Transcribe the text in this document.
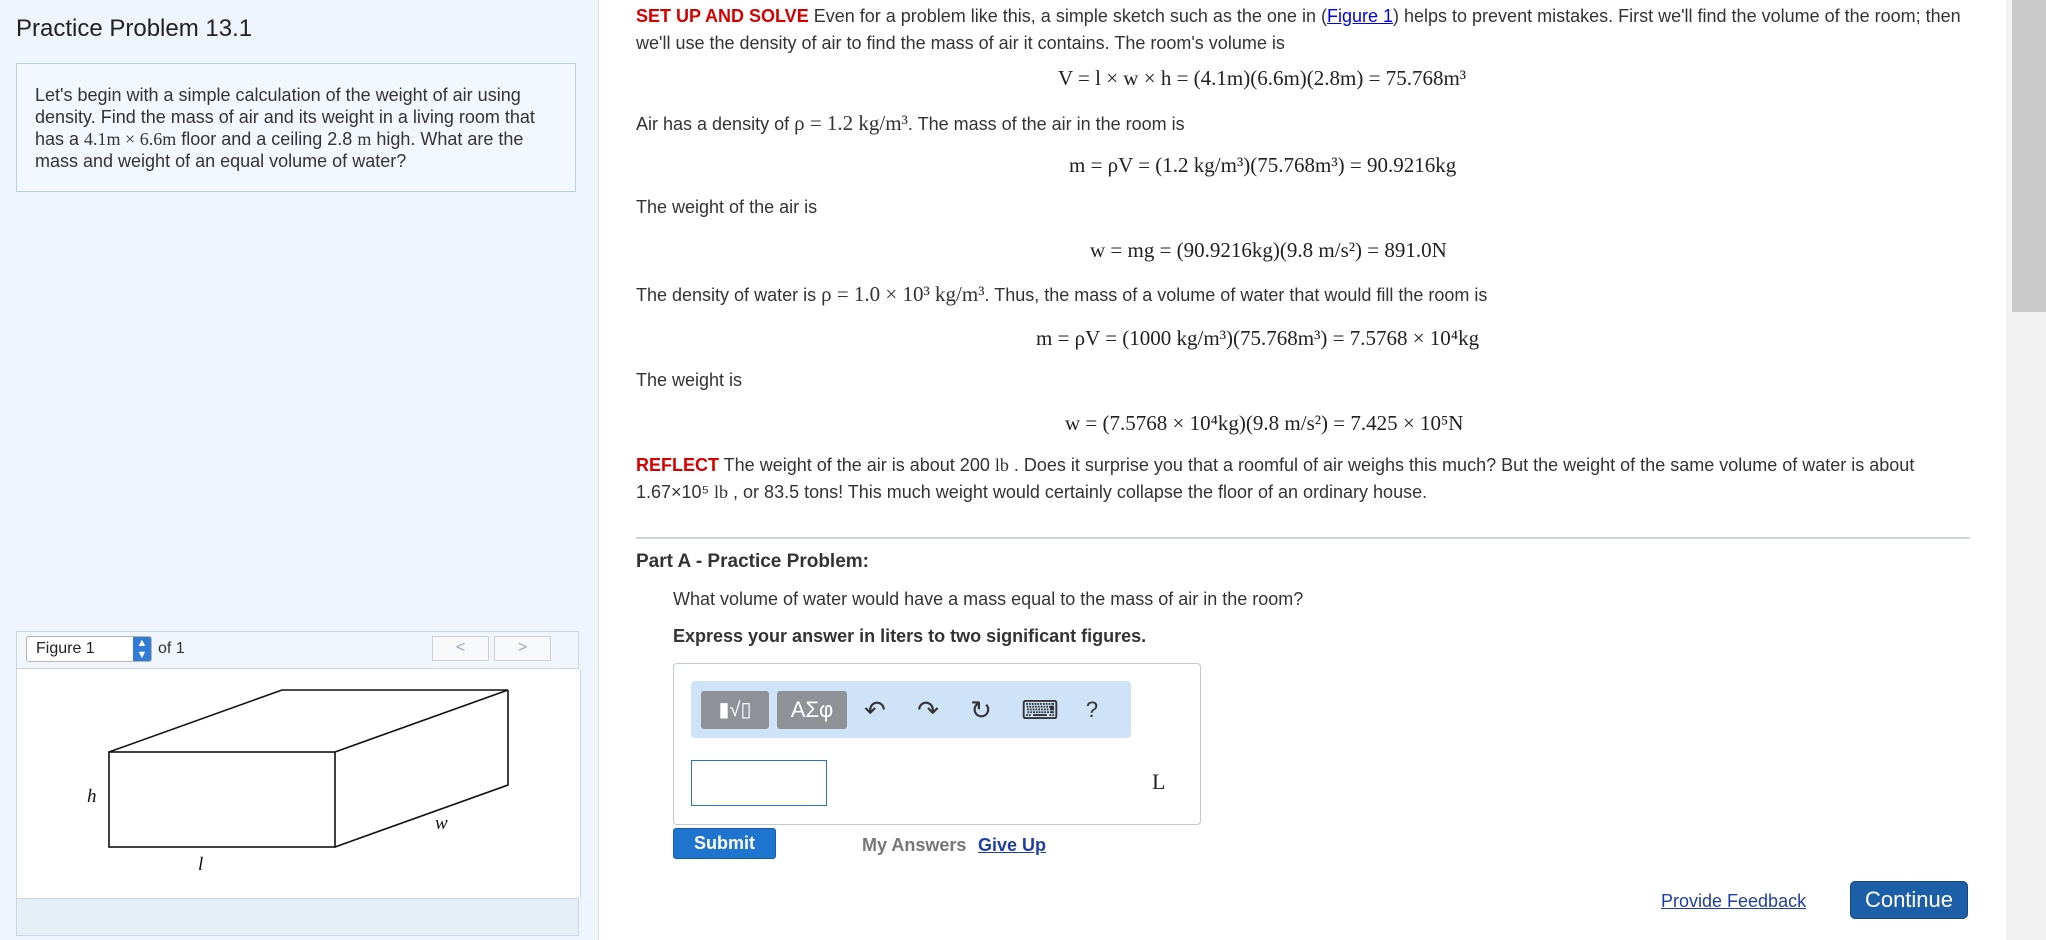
Practice Problem 13.1
Let's begin with a simple calculation of the weight of air using density. Find the mass of air and its weight in a living room that has a 4.1m × 6.6m floor and a ceiling 2.8 m high. What are the mass and weight of an equal volume of water?
Figure 1	▲
▼ of 1	<	>
h
l
w
SET UP AND SOLVE Even for a problem like this, a simple sketch such as the one in (Figure 1) helps to prevent mistakes. First we'll find the volume of the room; then we'll use the density of air to find the mass of air it contains. The room's volume is
V = l × w × h = (4.1m)(6.6m)(2.8m) = 75.768m³
Air has a density of ρ = 1.2 kg/m³. The mass of the air in the room is
m = ρV = (1.2 kg/m³)(75.768m³) = 90.9216kg
The weight of the air is
w = mg = (90.9216kg)(9.8 m/s²) = 891.0N
The density of water is ρ = 1.0 × 10³ kg/m³. Thus, the mass of a volume of water that would fill the room is
m = ρV = (1000 kg/m³)(75.768m³) = 7.5768 × 10⁴kg
The weight is
w = (7.5768 × 10⁴kg)(9.8 m/s²) = 7.425 × 10⁵N
REFLECT The weight of the air is about 200 lb . Does it surprise you that a roomful of air weighs this much? But the weight of the same volume of water is about 1.67×10⁵ lb , or 83.5 tons! This much weight would certainly collapse the floor of an ordinary house.
Part A - Practice Problem:
What volume of water would have a mass equal to the mass of air in the room?
Express your answer in liters to two significant figures.
▮√▯	ΑΣφ	↶ ↷ ↻ ⌨	?
L
Submit	My Answers Give Up
Provide Feedback	Continue
